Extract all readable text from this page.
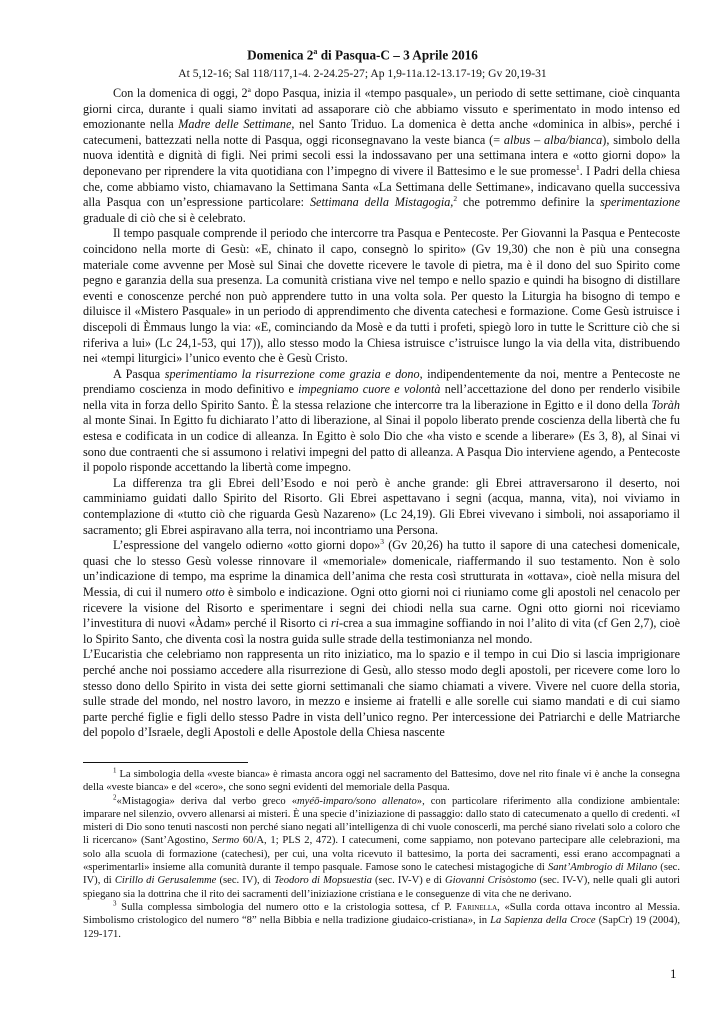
Domenica 2$^a$ di Pasqua-C – 3 Aprile 2016
At 5,12-16; Sal 118/117,1-4. 2-24.25-27; Ap 1,9-11a.12-13.17-19; Gv 20,19-31

Con la domenica di oggi, 2$^a$ dopo Pasqua, inizia il «tempo pasquale», un periodo di sette settimane, cioè cinquanta giorni circa, durante i quali siamo invitati ad assaporare ciò che abbiamo vissuto e sperimentato in modo intenso ed emozionante nella Madre delle Settimane, nel Santo Triduo. La domenica è detta anche «dominica in albis», perché i catecumeni, battezzati nella notte di Pasqua, oggi riconsegnavano la veste bianca (= albus – alba/bianca), simbolo della nuova identità e dignità di figli. Nei primi secoli essi la indossavano per una settimana intera e «otto giorni dopo» la deponevano per riprendere la vita quotidiana con l’impegno di vivere il Battesimo e le sue promesse$^1$. I Padri della chiesa che, come abbiamo visto, chiamavano la Settimana Santa «La Settimana delle Settimane», indicavano quella successiva alla Pasqua con un’espressione particolare: Settimana della Mistagogia,$^2$ che potremmo definire la sperimentazione graduale di ciò che si è celebrato.

Il tempo pasquale comprende il periodo che intercorre tra Pasqua e Pentecoste. Per Giovanni la Pasqua e Pentecoste coincidono nella morte di Gesù: «E, chinato il capo, consegnò lo spirito» (Gv 19,30) che non è più una consegna materiale come avvenne per Mosè sul Sinai che dovette ricevere le tavole di pietra, ma è il dono del suo Spirito come pegno e garanzia della sua presenza. La comunità cristiana vive nel tempo e nello spazio e quindi ha bisogno di distillare eventi e conoscenze perché non può apprendere tutto in una volta sola. Per questo la Liturgia ha bisogno di tempo e diluisce il «Mistero Pasquale» in un periodo di apprendimento che diventa catechesi e formazione. Come Gesù istruisce i discepoli di Èmmaus lungo la via: «E, cominciando da Mosè e da tutti i profeti, spiegò loro in tutte le Scritture ciò che si riferiva a lui» (Lc 24,1-53, qui 17)), allo stesso modo la Chiesa istruisce c’istruisce lungo la via della vita, distribuendo nei «tempi liturgici» l’unico evento che è Gesù Cristo.

A Pasqua sperimentiamo la risurrezione come grazia e dono, indipendentemente da noi, mentre a Pentecoste ne prendiamo coscienza in modo definitivo e impegniamo cuore e volontà nell’accettazione del dono per renderlo visibile nella vita in forza dello Spirito Santo. È la stessa relazione che intercorre tra la liberazione in Egitto e il dono della Toràh al monte Sinai. In Egitto fu dichiarato l’atto di liberazione, al Sinai il popolo liberato prende coscienza della libertà che fu estesa e codificata in un codice di alleanza. In Egitto è solo Dio che «ha visto e scende a liberare» (Es 3, 8), al Sinai vi sono due contraenti che si assumono i relativi impegni del patto di alleanza. A Pasqua Dio interviene agendo, a Pentecoste il popolo risponde accettando la libertà come impegno.

La differenza tra gli Ebrei dell’Esodo e noi però è anche grande: gli Ebrei attraversarono il deserto, noi camminiamo guidati dallo Spirito del Risorto. Gli Ebrei aspettavano i segni (acqua, manna, vita), noi viviamo in contemplazione di «tutto ciò che riguarda Gesù Nazareno» (Lc 24,19). Gli Ebrei vivevano i simboli, noi assaporiamo il sacramento; gli Ebrei aspiravano alla terra, noi incontriamo una Persona.

L’espressione del vangelo odierno «otto giorni dopo»$^3$ (Gv 20,26) ha tutto il sapore di una catechesi domenicale, quasi che lo stesso Gesù volesse rinnovare il «memoriale» domenicale, riaffermando il suo testamento. Non è solo un’indicazione di tempo, ma esprime la dinamica dell’anima che resta così strutturata in «ottava», cioè nella misura del Messia, di cui il numero otto è simbolo e indicazione. Ogni otto giorni noi ci riuniamo come gli apostoli nel cenacolo per ricevere la visione del Risorto e sperimentare i segni dei chiodi nella sua carne. Ogni otto giorni noi riceviamo l’investitura di nuovi «Àdam» perché il Risorto ci ri-crea a sua immagine soffiando in noi l’alito di vita (cf Gen 2,7), cioè lo Spirito Santo, che diventa così la nostra guida sulle strade della testimonianza nel mondo.

L’Eucaristia che celebriamo non rappresenta un rito iniziatico, ma lo spazio e il tempo in cui Dio si lascia imprigionare perché anche noi possiamo accedere alla risurrezione di Gesù, allo stesso modo degli apostoli, per ricevere come loro lo stesso dono dello Spirito in vista dei sette giorni settimanali che siamo chiamati a vivere. Vivere nel cuore della storia, sulle strade del mondo, nel nostro lavoro, in mezzo e insieme ai fratelli e alle sorelle cui siamo mandati e di cui siamo parte perché figlie e figli dello stesso Padre in vista dell’unico regno. Per intercessione dei Patriarchi e delle Matriarche del popolo d’Israele, degli Apostoli e delle Apostole della Chiesa nascente

$^1$ La simbologia della «veste bianca» è rimasta ancora oggi nel sacramento del Battesimo, dove nel rito finale vi è anche la consegna della «veste bianca» e del «cero», che sono segni evidenti del memoriale della Pasqua.

$^2$«Mistagogia» deriva dal verbo greco «myéō-imparo/sono allenato», con particolare riferimento alla condizione ambientale: imparare nel silenzio, ovvero allenarsi ai misteri. È una specie d’iniziazione di passaggio: dallo stato di catecumenato a quello di credenti. «I misteri di Dio sono tenuti nascosti non perché siano negati all’intelligenza di chi vuole conoscerli, ma perché siano rivelati solo a coloro che li ricercano» (Sant’Agostino, Sermo 60/A, 1; PLS 2, 472). I catecumeni, come sappiamo, non potevano partecipare alle celebrazioni, ma solo alla scuola di formazione (catechesi), per cui, una volta ricevuto il battesimo, la porta dei sacramenti, essi erano accompagnati a «sperimentarli» insieme alla comunità durante il tempo pasquale. Famose sono le catechesi mistagogiche di Sant’Ambrogio di Milano (sec. IV), di Cirillo di Gerusalemme (sec. IV), di Teodoro di Mopsuestia (sec. IV-V) e di Giovanni Crisòstomo (sec. IV-V), nelle quali gli autori spiegano sia la dottrina che il rito dei sacramenti dell’iniziazione cristiana e le conseguenze di vita che ne derivano.

$^3$ Sulla complessa simbologia del numero otto e la cristologia sottesa, cf P. Farinella, «Sulla corda ottava incontro al Messia. Simbolismo cristologico del numero “8” nella Bibbia e nella tradizione giudaico-cristiana», in La Sapienza della Croce (SapCr) 19 (2004), 129-171.

1
